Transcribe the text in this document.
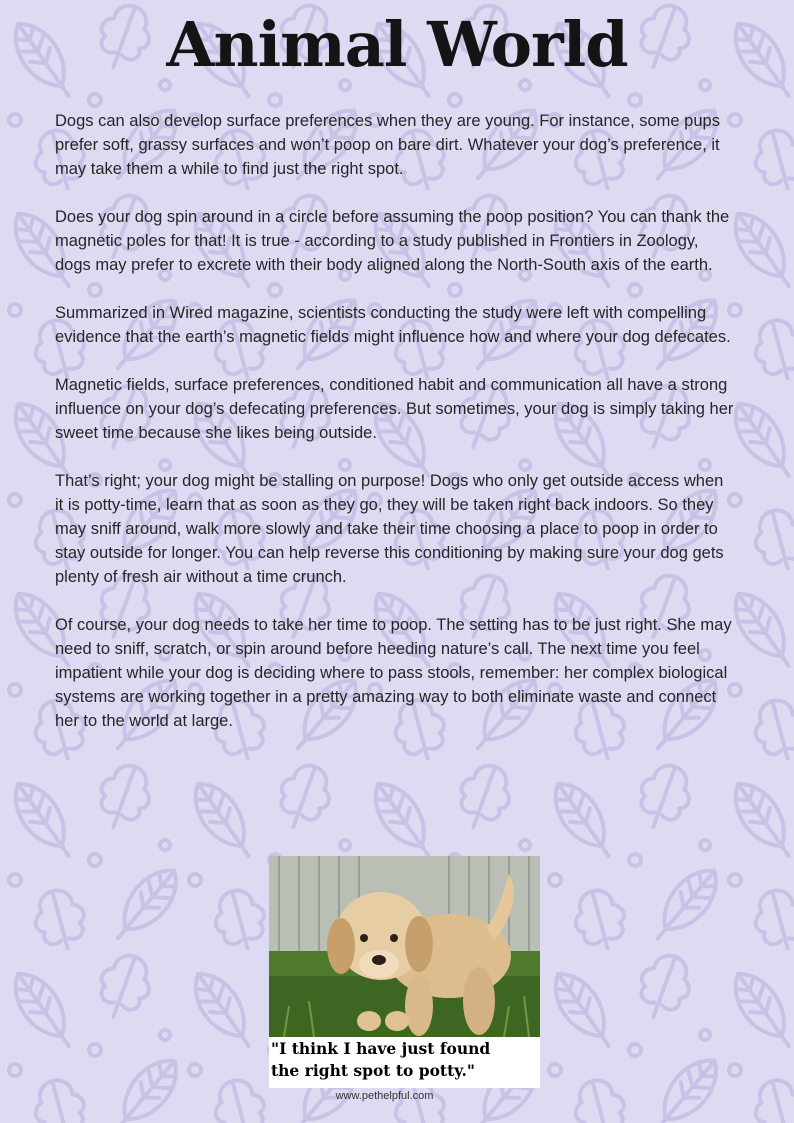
Animal World

Dogs can also develop surface preferences when they are young. For instance, some pups prefer soft, grassy surfaces and won’t poop on bare dirt. Whatever your dog’s preference, it may take them a while to find just the right spot.

Does your dog spin around in a circle before assuming the poop position? You can thank the magnetic poles for that! It is true - according to a study published in Frontiers in Zoology, dogs may prefer to excrete with their body aligned along the North-South axis of the earth.

Summarized in Wired magazine, scientists conducting the study were left with compelling evidence that the earth’s magnetic fields might influence how and where your dog defecates.

Magnetic fields, surface preferences, conditioned habit and communication all have a strong influence on your dog’s defecating preferences. But sometimes, your dog is simply taking her sweet time because she likes being outside.

That’s right; your dog might be stalling on purpose! Dogs who only get outside access when it is potty-time, learn that as soon as they go, they will be taken right back indoors. So they may sniff around, walk more slowly and take their time choosing a place to poop in order to stay outside for longer. You can help reverse this conditioning by making sure your dog gets plenty of fresh air without a time crunch.

Of course, your dog needs to take her time to poop. The setting has to be just right. She may need to sniff, scratch, or spin around before heeding nature’s call. The next time you feel impatient while your dog is deciding where to pass stools, remember: her complex biological systems are working together in a pretty amazing way to both eliminate waste and connect her to the world at large.

"I think I have just found
the right spot to potty."
www.pethelpful.com
